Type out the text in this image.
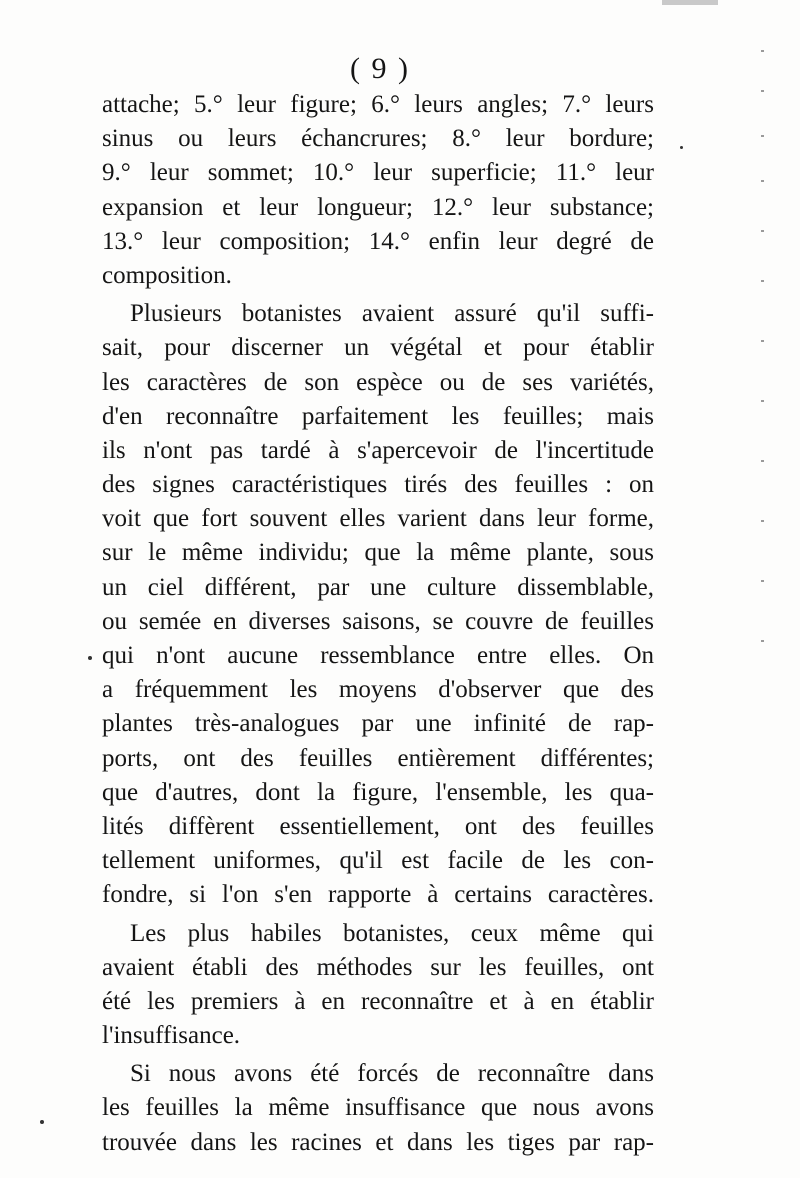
( 9 )
attache; 5.° leur figure; 6.° leurs angles; 7.° leurs
sinus ou leurs échancrures; 8.° leur bordure;
9.° leur sommet; 10.° leur superficie; 11.° leur
expansion et leur longueur; 12.° leur substance;
13.° leur composition; 14.° enfin leur degré de
composition.
Plusieurs botanistes avaient assuré qu'il suffi-
sait, pour discerner un végétal et pour établir
les caractères de son espèce ou de ses variétés,
d'en reconnaître parfaitement les feuilles; mais
ils n'ont pas tardé à s'apercevoir de l'incertitude
des signes caractéristiques tirés des feuilles : on
voit que fort souvent elles varient dans leur forme,
sur le même individu; que la même plante, sous
un ciel différent, par une culture dissemblable,
ou semée en diverses saisons, se couvre de feuilles
qui n'ont aucune ressemblance entre elles. On
a fréquemment les moyens d'observer que des
plantes très-analogues par une infinité de rap-
ports, ont des feuilles entièrement différentes;
que d'autres, dont la figure, l'ensemble, les qua-
lités diffèrent essentiellement, ont des feuilles
tellement uniformes, qu'il est facile de les con-
fondre, si l'on s'en rapporte à certains caractères.
Les plus habiles botanistes, ceux même qui
avaient établi des méthodes sur les feuilles, ont
été les premiers à en reconnaître et à en établir
l'insuffisance.
Si nous avons été forcés de reconnaître dans
les feuilles la même insuffisance que nous avons
trouvée dans les racines et dans les tiges par rap-
